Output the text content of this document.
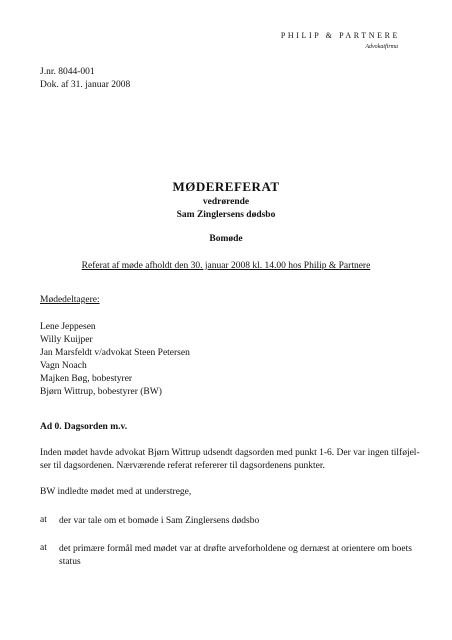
PHILIP & PARTNERE
Advokatfirma
J.nr. 8044-001
Dok. af 31. januar 2008
MØDEREFERAT
vedrørende
Sam Zinglersens dødsbo
Bomøde
Referat af møde afholdt den 30. januar 2008 kl. 14.00 hos Philip & Partnere
Mødedeltagere:
Lene Jeppesen
Willy Kuijper
Jan Marsfeldt v/advokat Steen Petersen
Vagn Noach
Majken Bøg, bobestyrer
Bjørn Wittrup, bobestyrer (BW)
Ad 0. Dagsorden m.v.
Inden mødet havde advokat Bjørn Wittrup udsendt dagsorden med punkt 1-6. Der var ingen tilføjel-
ser til dagsordenen. Nærværende referat refererer til dagsordenens punkter.
BW indledte mødet med at understrege,
at der var tale om et bomøde i Sam Zinglersens dødsbo
at det primære formål med mødet var at drøfte arveforholdene og dernæst at orientere om boets
status
